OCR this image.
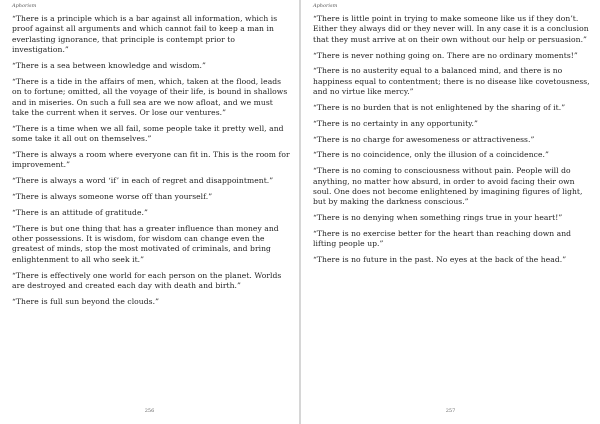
Aphorism

“There is a principle which is a bar against all information, which is proof against all arguments and which cannot fail to keep a man in everlasting ignorance, that principle is contempt prior to investigation.”

“There is a sea between knowledge and wisdom.”

“There is a tide in the affairs of men, which, taken at the flood, leads on to fortune; omitted, all the voyage of their life, is bound in shallows and in miseries. On such a full sea are we now afloat, and we must take the current when it serves. Or lose our ventures.”

“There is a time when we all fail, some people take it pretty well, and some take it all out on themselves.”

“There is always a room where everyone can fit in. This is the room for improvement.”

“There is always a word ‘if’ in each of regret and disappointment.”

“There is always someone worse off than yourself.”

“There is an attitude of gratitude.”

“There is but one thing that has a greater influence than money and other possessions. It is wisdom, for wisdom can change even the greatest of minds, stop the most motivated of criminals, and bring enlightenment to all who seek it.”

“There is effectively one world for each person on the planet. Worlds are destroyed and created each day with death and birth.”

“There is full sun beyond the clouds.”

256
Aphorism

“There is little point in trying to make someone like us if they don’t. Either they always did or they never will. In any case it is a conclusion that they must arrive at on their own without our help or persuasion.”

“There is never nothing going on. There are no ordinary moments!”

“There is no austerity equal to a balanced mind, and there is no happiness equal to contentment; there is no disease like covetousness, and no virtue like mercy.”

“There is no burden that is not enlightened by the sharing of it.”

“There is no certainty in any opportunity.”

“There is no charge for awesomeness or attractiveness.”

“There is no coincidence, only the illusion of a coincidence.”

“There is no coming to consciousness without pain. People will do anything, no matter how absurd, in order to avoid facing their own soul. One does not become enlightened by imagining figures of light, but by making the darkness conscious.”

“There is no denying when something rings true in your heart!”

“There is no exercise better for the heart than reaching down and lifting people up.”

“There is no future in the past. No eyes at the back of the head.”

257
